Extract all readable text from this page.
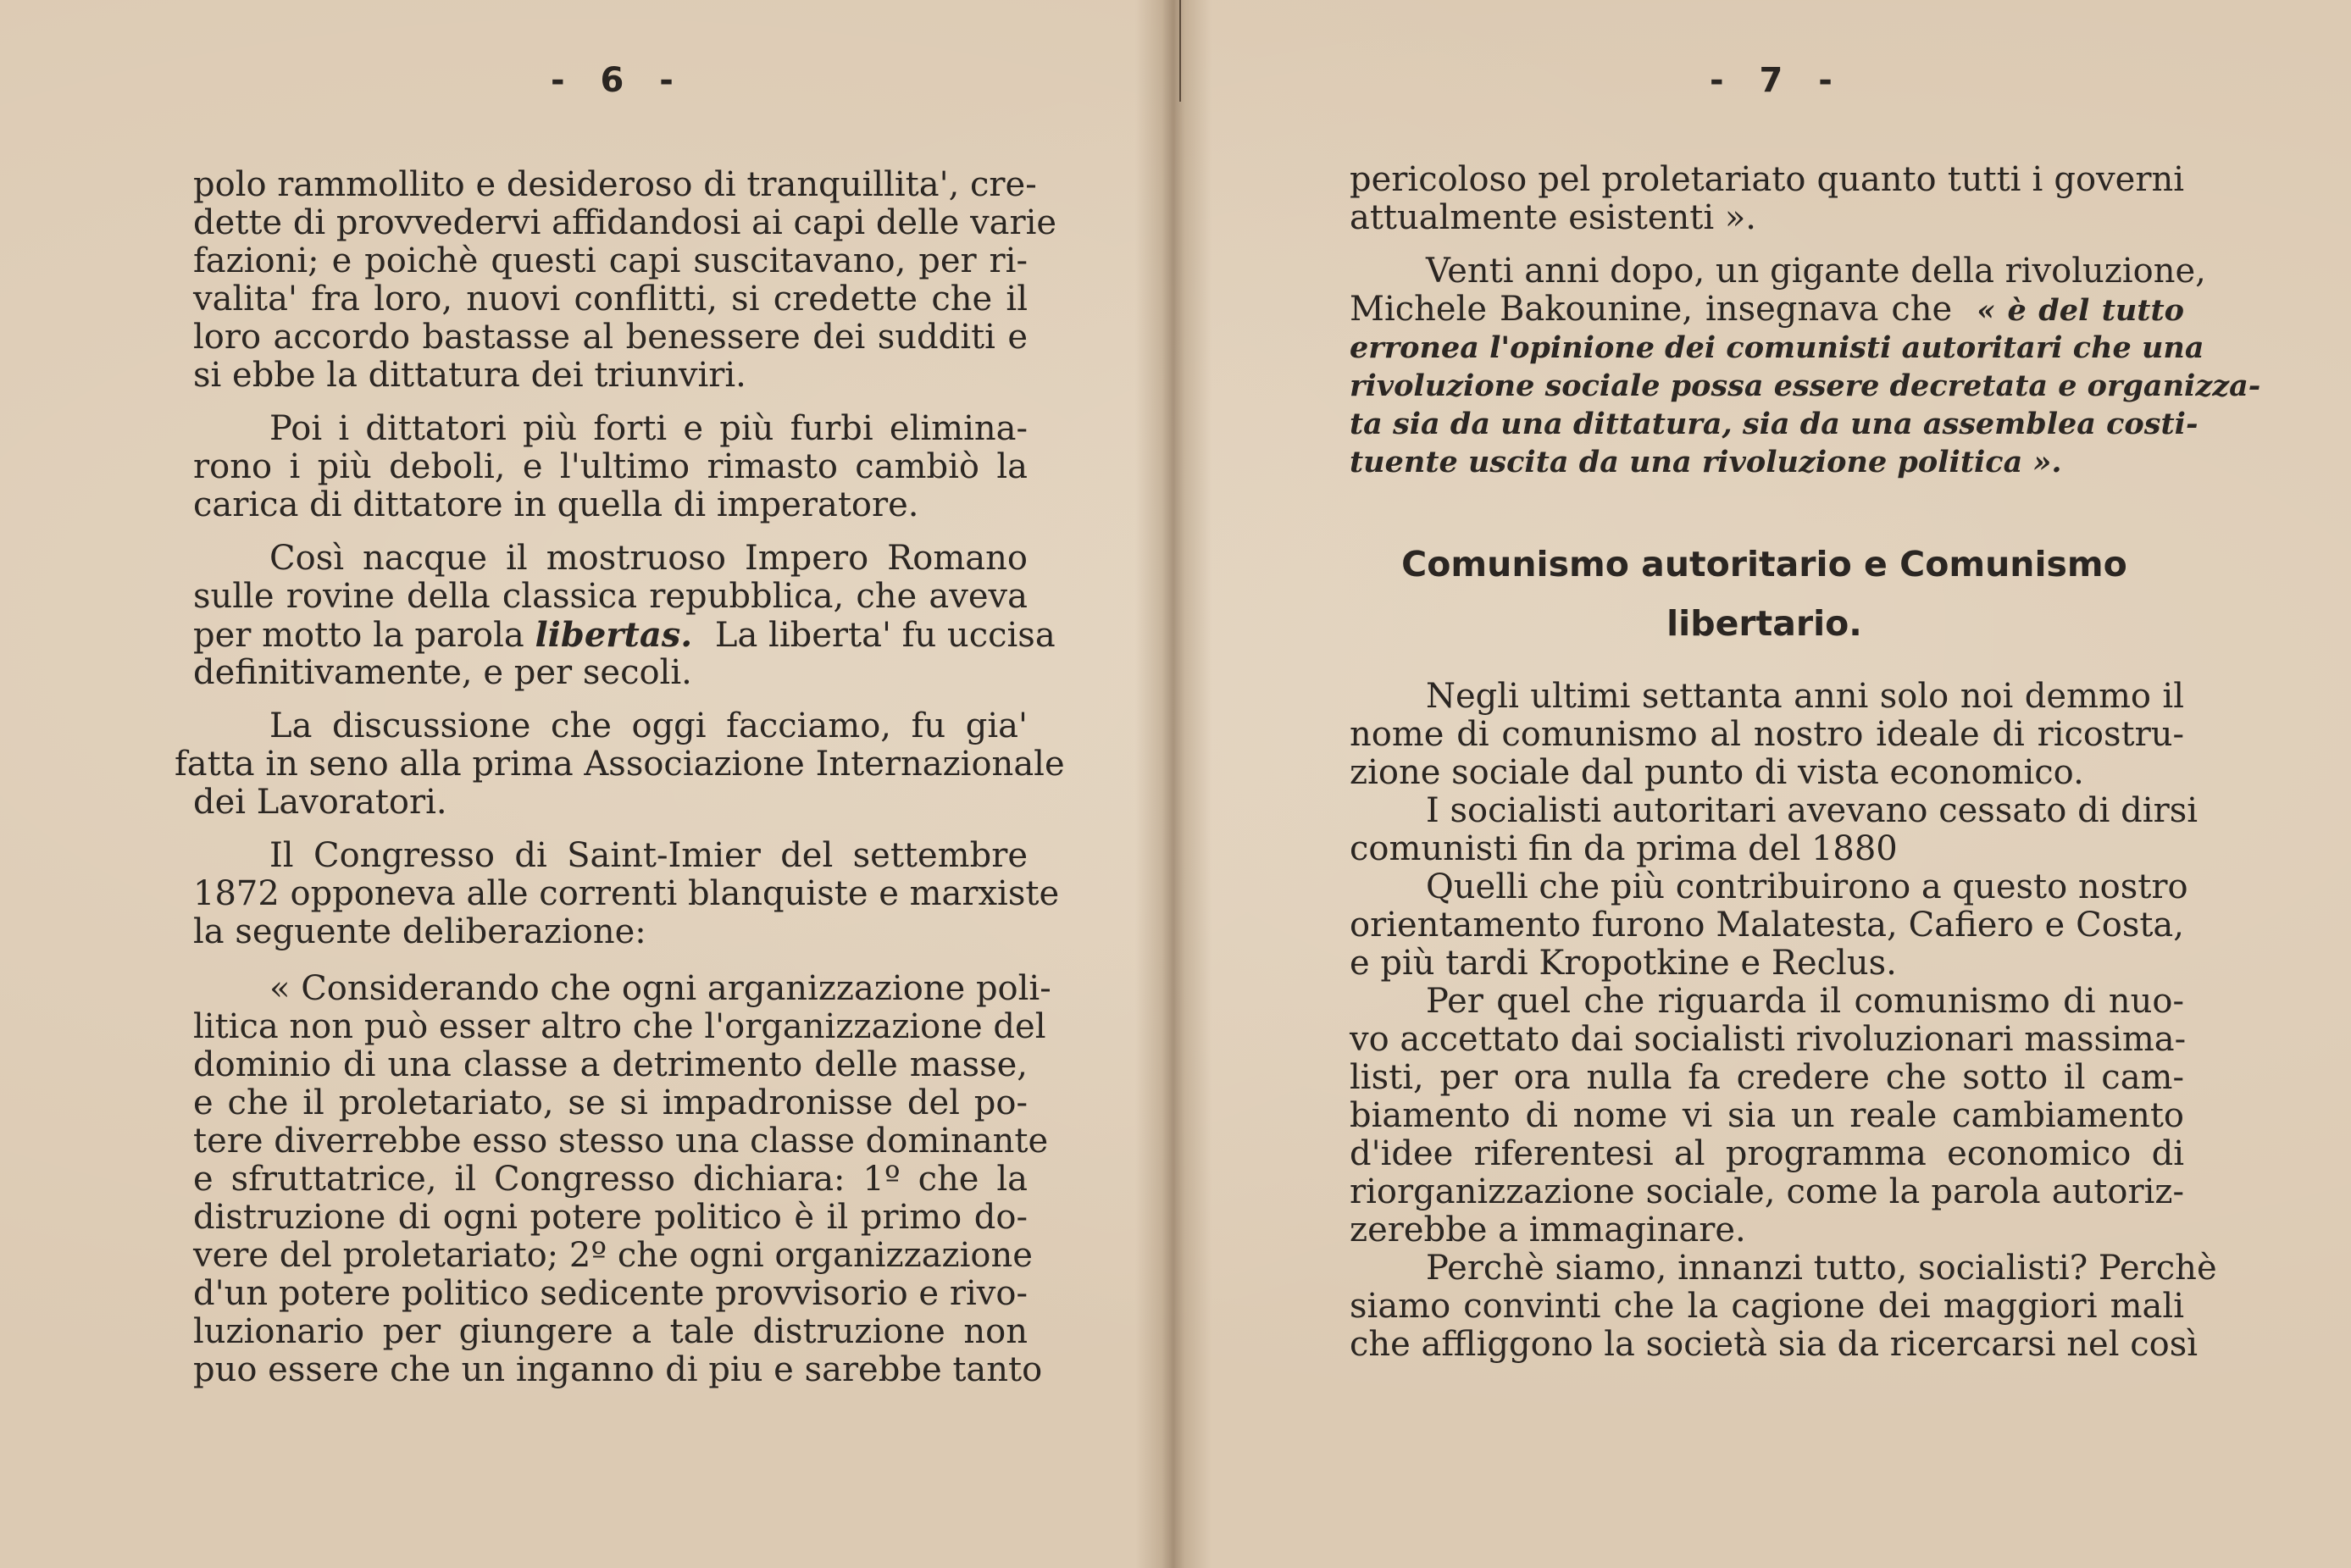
- 6 -
polo rammollito e desideroso di tranquillita', cre-
dette di provvedervi affidandosi ai capi delle varie
fazioni; e poichè questi capi suscitavano, per ri-
valita' fra loro, nuovi conflitti, si credette che il
loro accordo bastasse al benessere dei sudditi e
si ebbe la dittatura dei triunviri.
Poi i dittatori più forti e più furbi elimina-
rono i più deboli, e l'ultimo rimasto cambiò la
carica di dittatore in quella di imperatore.
Così nacque il mostruoso Impero Romano
sulle rovine della classica repubblica, che aveva
per motto la parola libertas. La liberta' fu uccisa
definitivamente, e per secoli.
La discussione che oggi facciamo, fu gia'
fatta in seno alla prima Associazione Internazionale
dei Lavoratori.
Il Congresso di Saint-Imier del settembre
1872 opponeva alle correnti blanquiste e marxiste
la seguente deliberazione:
« Considerando che ogni arganizzazione poli-
litica non può esser altro che l'organizzazione del
dominio di una classe a detrimento delle masse,
e che il proletariato, se si impadronisse del po-
tere diverrebbe esso stesso una classe dominante
e sfruttatrice, il Congresso dichiara: 1º che la
distruzione di ogni potere politico è il primo do-
vere del proletariato; 2º che ogni organizzazione
d'un potere politico sedicente provvisorio e rivo-
luzionario per giungere a tale distruzione non
puo essere che un inganno di piu e sarebbe tanto
- 7 -
pericoloso pel proletariato quanto tutti i governi
attualmente esistenti ».
Venti anni dopo, un gigante della rivoluzione,
Michele Bakounine, insegnava che « è del tutto
erronea l'opinione dei comunisti autoritari che una
rivoluzione sociale possa essere decretata e organizza-
ta sia da una dittatura, sia da una assemblea costi-
tuente uscita da una rivoluzione politica ».
Comunismo autoritario e Comunismo
libertario.
Negli ultimi settanta anni solo noi demmo il
nome di comunismo al nostro ideale di ricostru-
zione sociale dal punto di vista economico.
I socialisti autoritari avevano cessato di dirsi
comunisti fin da prima del 1880
Quelli che più contribuirono a questo nostro
orientamento furono Malatesta, Cafiero e Costa,
e più tardi Kropotkine e Reclus.
Per quel che riguarda il comunismo di nuo-
vo accettato dai socialisti rivoluzionari massima-
listi, per ora nulla fa credere che sotto il cam-
biamento di nome vi sia un reale cambiamento
d'idee riferentesi al programma economico di
riorganizzazione sociale, come la parola autoriz-
zerebbe a immaginare.
Perchè siamo, innanzi tutto, socialisti? Perchè
siamo convinti che la cagione dei maggiori mali
che affliggono la società sia da ricercarsi nel così
